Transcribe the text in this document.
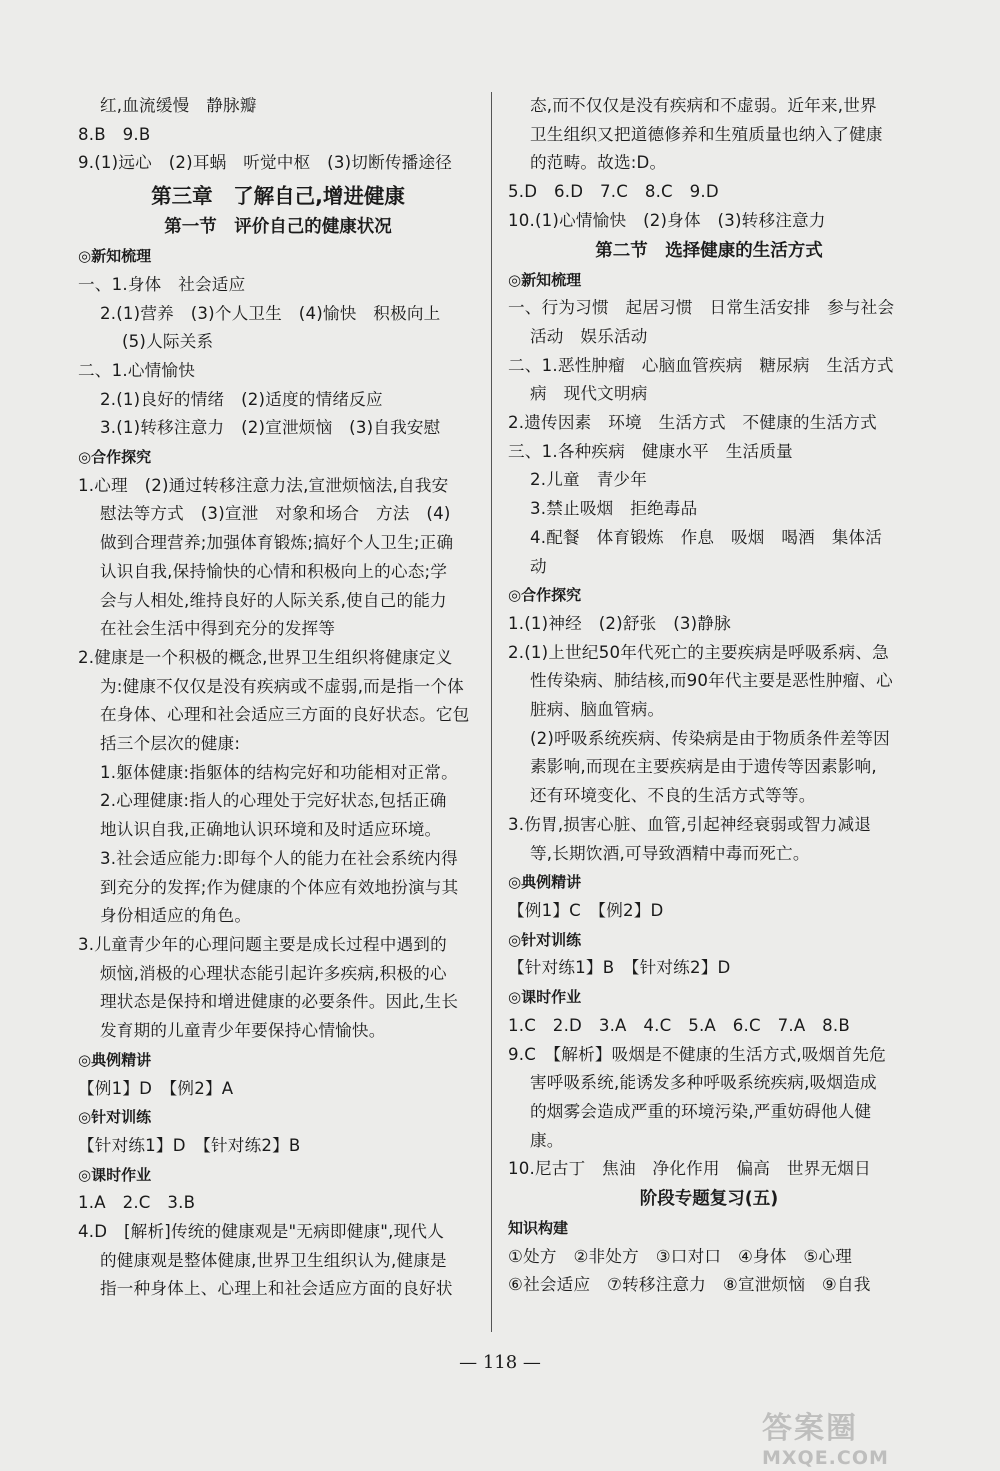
红,血流缓慢　静脉瓣
8.B　9.B
9.(1)远心　(2)耳蜗　听觉中枢　(3)切断传播途径
第三章　了解自己,增进健康
第一节　评价自己的健康状况
◎新知梳理
一、1.身体　社会适应
2.(1)营养　(3)个人卫生　(4)愉快　积极向上
(5)人际关系
二、1.心情愉快
2.(1)良好的情绪　(2)适度的情绪反应
3.(1)转移注意力　(2)宣泄烦恼　(3)自我安慰
◎合作探究
1.心理　(2)通过转移注意力法,宣泄烦恼法,自我安
慰法等方式　(3)宣泄　对象和场合　方法　(4)
做到合理营养;加强体育锻炼;搞好个人卫生;正确
认识自我,保持愉快的心情和积极向上的心态;学
会与人相处,维持良好的人际关系,使自己的能力
在社会生活中得到充分的发挥等
2.健康是一个积极的概念,世界卫生组织将健康定义
为:健康不仅仅是没有疾病或不虚弱,而是指一个体
在身体、心理和社会适应三方面的良好状态。它包
括三个层次的健康:
1.躯体健康:指躯体的结构完好和功能相对正常。
2.心理健康:指人的心理处于完好状态,包括正确
地认识自我,正确地认识环境和及时适应环境。
3.社会适应能力:即每个人的能力在社会系统内得
到充分的发挥;作为健康的个体应有效地扮演与其
身份相适应的角色。
3.儿童青少年的心理问题主要是成长过程中遇到的
烦恼,消极的心理状态能引起许多疾病,积极的心
理状态是保持和增进健康的必要条件。因此,生长
发育期的儿童青少年要保持心情愉快。
◎典例精讲
【例1】D　【例2】A
◎针对训练
【针对练1】D　【针对练2】B
◎课时作业
1.A　2.C　3.B
4.D　[解析]传统的健康观是"无病即健康",现代人
的健康观是整体健康,世界卫生组织认为,健康是
指一种身体上、心理上和社会适应方面的良好状
态,而不仅仅是没有疾病和不虚弱。近年来,世界
卫生组织又把道德修养和生殖质量也纳入了健康
的范畴。故选:D。
5.D　6.D　7.C　8.C　9.D
10.(1)心情愉快　(2)身体　(3)转移注意力
第二节　选择健康的生活方式
◎新知梳理
一、行为习惯　起居习惯　日常生活安排　参与社会
活动　娱乐活动
二、1.恶性肿瘤　心脑血管疾病　糖尿病　生活方式
病　现代文明病
2.遗传因素　环境　生活方式　不健康的生活方式
三、1.各种疾病　健康水平　生活质量
2.儿童　青少年
3.禁止吸烟　拒绝毒品
4.配餐　体育锻炼　作息　吸烟　喝酒　集体活
动
◎合作探究
1.(1)神经　(2)舒张　(3)静脉
2.(1)上世纪50年代死亡的主要疾病是呼吸系病、急
性传染病、肺结核,而90年代主要是恶性肿瘤、心
脏病、脑血管病。
(2)呼吸系统疾病、传染病是由于物质条件差等因
素影响,而现在主要疾病是由于遗传等因素影响,
还有环境变化、不良的生活方式等等。
3.伤胃,损害心脏、血管,引起神经衰弱或智力减退
等,长期饮酒,可导致酒精中毒而死亡。
◎典例精讲
【例1】C　【例2】D
◎针对训练
【针对练1】B　【针对练2】D
◎课时作业
1.C　2.D　3.A　4.C　5.A　6.C　7.A　8.B
9.C　【解析】吸烟是不健康的生活方式,吸烟首先危
害呼吸系统,能诱发多种呼吸系统疾病,吸烟造成
的烟雾会造成严重的环境污染,严重妨碍他人健
康。
10.尼古丁　焦油　净化作用　偏高　世界无烟日
阶段专题复习(五)
知识构建
①处方　②非处方　③口对口　④身体　⑤心理
⑥社会适应　⑦转移注意力　⑧宣泄烦恼　⑨自我
— 118 —
答案圈
MXQE.COM
